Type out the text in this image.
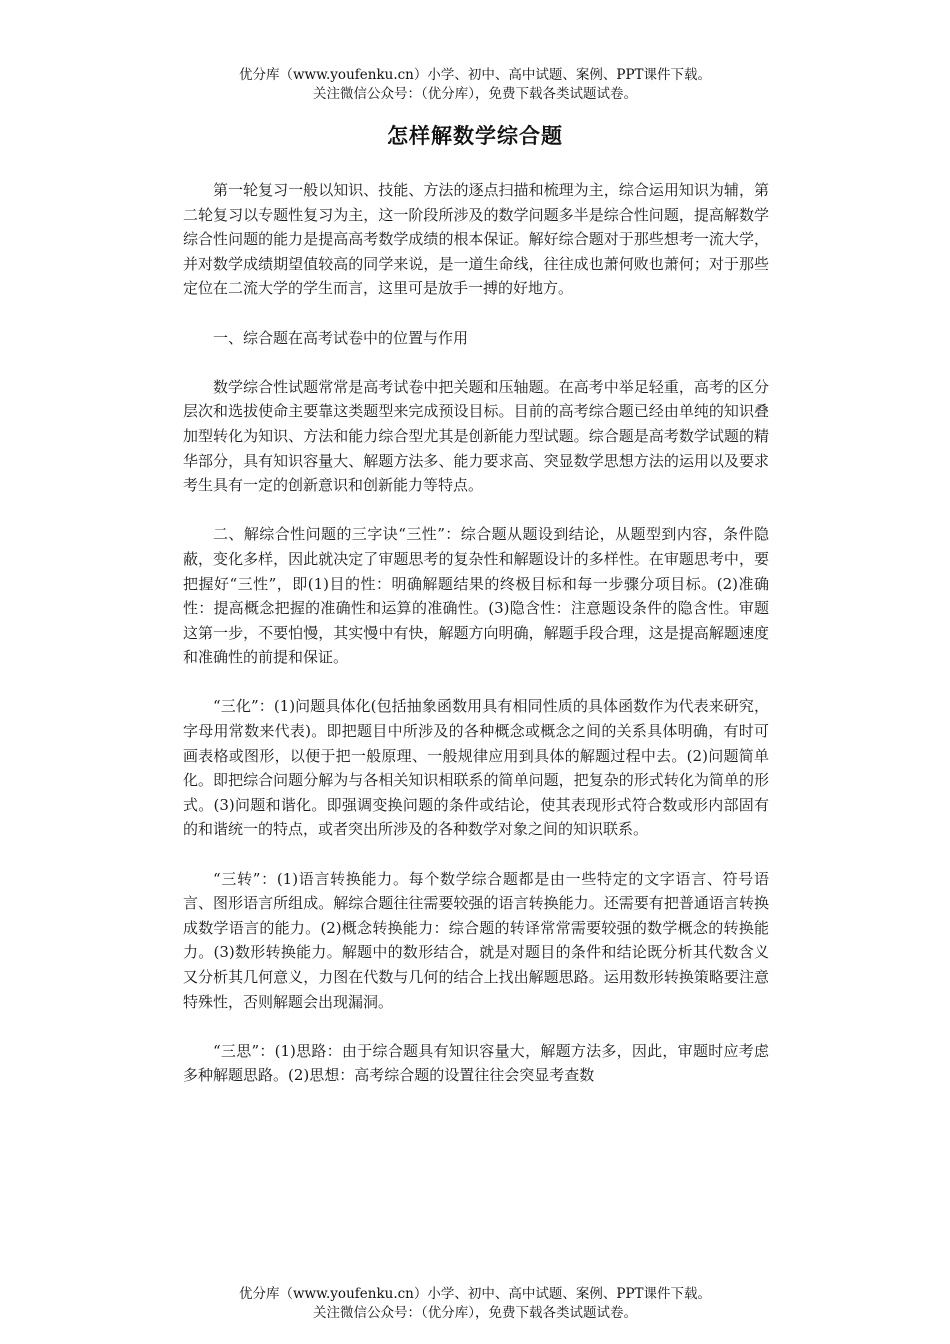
优分库（www.youfenku.cn）小学、初中、高中试题、案例、PPT课件下载。
关注微信公众号：（优分库），免费下载各类试题试卷。
怎样解数学综合题

第一轮复习一般以知识、技能、方法的逐点扫描和梳理为主，综合运用知识为辅，第二轮复习以专题性复习为主，这一阶段所涉及的数学问题多半是综合性问题，提高解数学综合性问题的能力是提高高考数学成绩的根本保证。解好综合题对于那些想考一流大学，并对数学成绩期望值较高的同学来说，是一道生命线，往往成也萧何败也萧何；对于那些定位在二流大学的学生而言，这里可是放手一搏的好地方。

一、综合题在高考试卷中的位置与作用

数学综合性试题常常是高考试卷中把关题和压轴题。在高考中举足轻重，高考的区分层次和选拔使命主要靠这类题型来完成预设目标。目前的高考综合题已经由单纯的知识叠加型转化为知识、方法和能力综合型尤其是创新能力型试题。综合题是高考数学试题的精华部分，具有知识容量大、解题方法多、能力要求高、突显数学思想方法的运用以及要求考生具有一定的创新意识和创新能力等特点。

二、解综合性问题的三字诀“三性”：综合题从题设到结论，从题型到内容，条件隐蔽，变化多样，因此就决定了审题思考的复杂性和解题设计的多样性。在审题思考中，要把握好“三性”，即(1)目的性：明确解题结果的终极目标和每一步骤分项目标。(2)准确性：提高概念把握的准确性和运算的准确性。(3)隐含性：注意题设条件的隐含性。审题这第一步，不要怕慢，其实慢中有快，解题方向明确，解题手段合理，这是提高解题速度和准确性的前提和保证。

“三化”：(1)问题具体化(包括抽象函数用具有相同性质的具体函数作为代表来研究，字母用常数来代表)。即把题目中所涉及的各种概念或概念之间的关系具体明确，有时可画表格或图形，以便于把一般原理、一般规律应用到具体的解题过程中去。(2)问题简单化。即把综合问题分解为与各相关知识相联系的简单问题，把复杂的形式转化为简单的形式。(3)问题和谐化。即强调变换问题的条件或结论，使其表现形式符合数或形内部固有的和谐统一的特点，或者突出所涉及的各种数学对象之间的知识联系。

“三转”：(1)语言转换能力。每个数学综合题都是由一些特定的文字语言、符号语言、图形语言所组成。解综合题往往需要较强的语言转换能力。还需要有把普通语言转换成数学语言的能力。(2)概念转换能力：综合题的转译常常需要较强的数学概念的转换能力。(3)数形转换能力。解题中的数形结合，就是对题目的条件和结论既分析其代数含义又分析其几何意义，力图在代数与几何的结合上找出解题思路。运用数形转换策略要注意特殊性，否则解题会出现漏洞。

“三思”：(1)思路：由于综合题具有知识容量大，解题方法多，因此，审题时应考虑多种解题思路。(2)思想：高考综合题的设置往往会突显考查数

优分库（www.youfenku.cn）小学、初中、高中试题、案例、PPT课件下载。
关注微信公众号：（优分库），免费下载各类试题试卷。
